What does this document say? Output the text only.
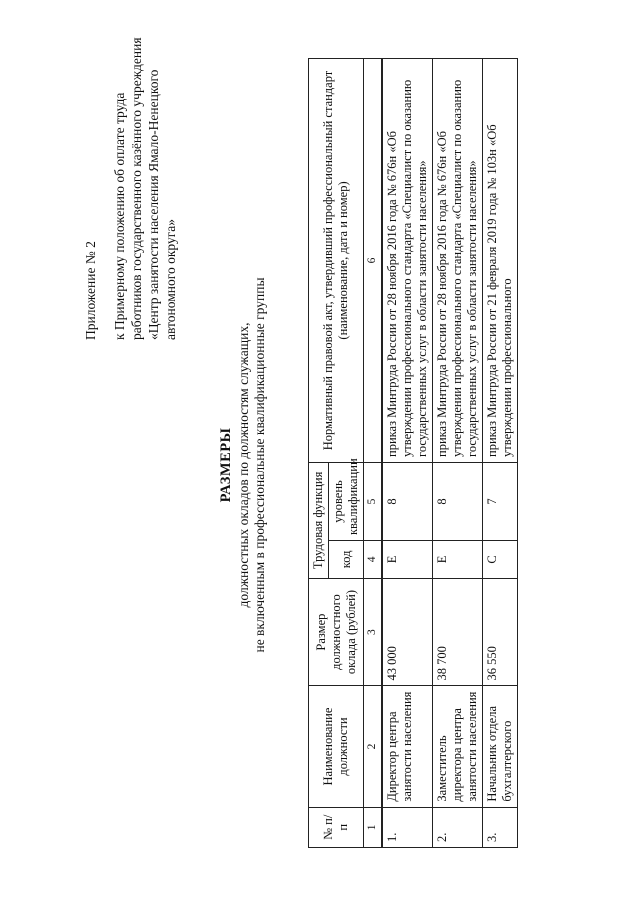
Приложение № 2 к Примерному положению об оплате труда работников государственного казённого учреждения «Центр занятости населения Ямало-Ненецкого автономного округа»
РАЗМЕРЫ должностных окладов по должностям служащих, не включенным в профессиональные квалификационные группы
№ п/п	Наименование должности	Размер должностного оклада (рублей)	Трудовая функция		Нормативный правовой акт, утвердивший профессиональный стандарт (наименование, дата и номер)
			код	уровень квалификации	
1	2	3	4	5	6
1.	Директор центра занятости населения	43 000	E	8	приказ Минтруда России от 28 ноября 2016 года № 676н «Об утверждении профессионального стандарта «Специалист по оказанию государственных услуг в области занятости населения»
2.	Заместитель директора центра занятости населения	38 700	E	8	приказ Минтруда России от 28 ноября 2016 года № 676н «Об утверждении профессионального стандарта «Специалист по оказанию государственных услуг в области занятости населения»
3.	Начальник отдела бухгалтерского	36 550	C	7	приказ Минтруда России от 21 февраля 2019 года № 103н «Об утверждении профессионального
